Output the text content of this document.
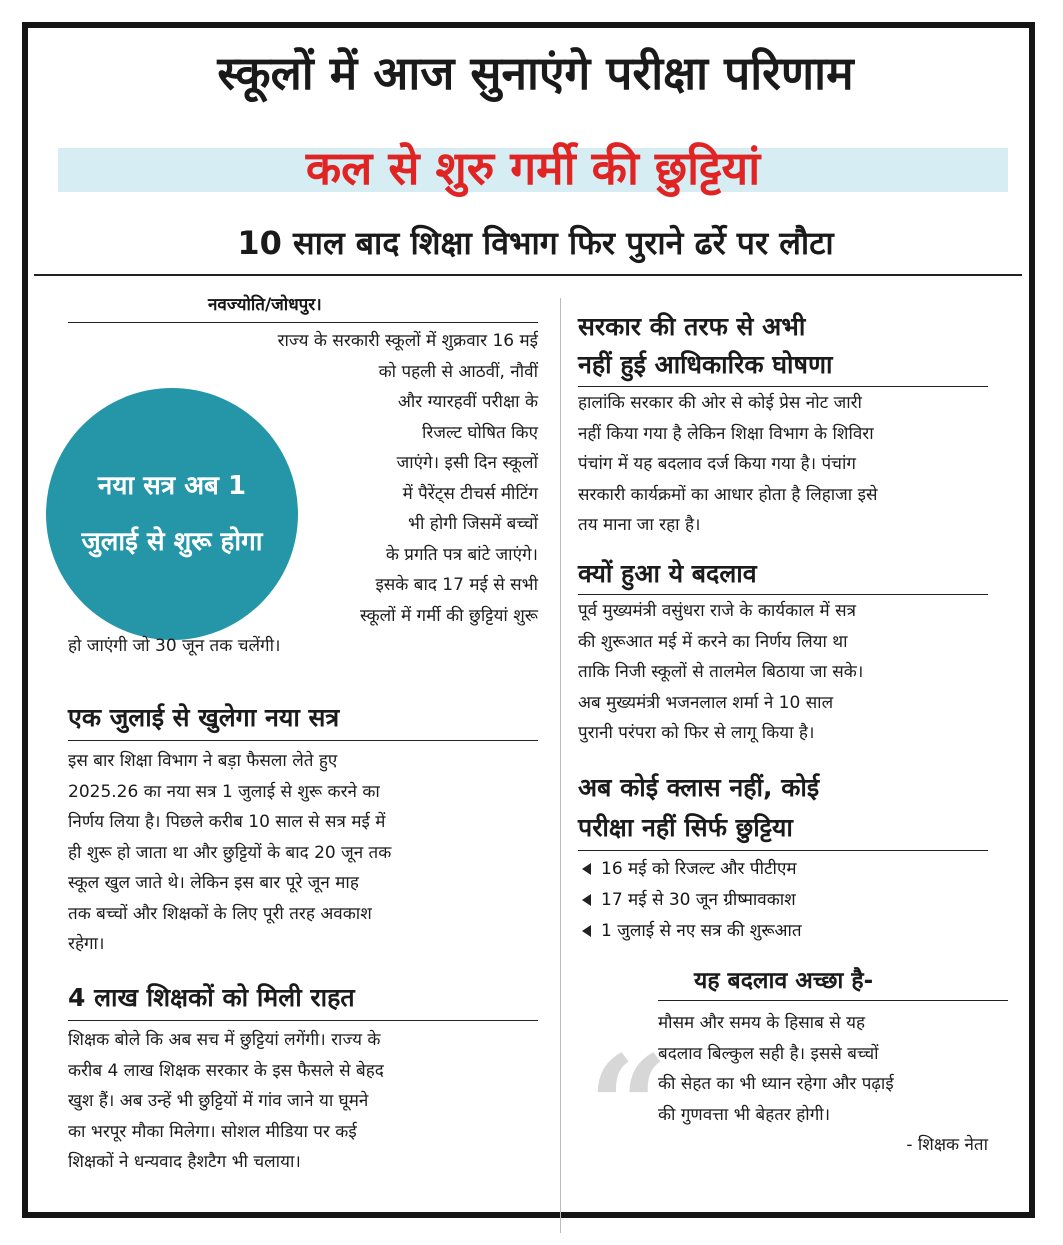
स्कूलों में आज सुनाएंगे परीक्षा परिणाम
कल से शुरु गर्मी की छुट्टियां
10 साल बाद शिक्षा विभाग फिर पुराने ढर्रे पर लौटा
नवज्योति/जोधपुर।
नया सत्र अब 1 जुलाई से शुरू होगा
राज्य के सरकारी स्कूलों में शुक्रवार 16 मई
को पहली से आठवीं, नौवीं
और ग्यारहवीं परीक्षा के
रिजल्ट घोषित किए
जाएंगे। इसी दिन स्कूलों
में पैरेंट्स टीचर्स मीटिंग
भी होगी जिसमें बच्चों
के प्रगति पत्र बांटे जाएंगे।
इसके बाद 17 मई से सभी
स्कूलों में गर्मी की छुट्टियां शुरू
हो जाएंगी जो 30 जून तक चलेंगी।
एक जुलाई से खुलेगा नया सत्र
इस बार शिक्षा विभाग ने बड़ा फैसला लेते हुए
2025.26 का नया सत्र 1 जुलाई से शुरू करने का
निर्णय लिया है। पिछले करीब 10 साल से सत्र मई में
ही शुरू हो जाता था और छुट्टियों के बाद 20 जून तक
स्कूल खुल जाते थे। लेकिन इस बार पूरे जून माह
तक बच्चों और शिक्षकों के लिए पूरी तरह अवकाश
रहेगा।
4 लाख शिक्षकों को मिली राहत
शिक्षक बोले कि अब सच में छुट्टियां लगेंगी। राज्य के
करीब 4 लाख शिक्षक सरकार के इस फैसले से बेहद
खुश हैं। अब उन्हें भी छुट्टियों में गांव जाने या घूमने
का भरपूर मौका मिलेगा। सोशल मीडिया पर कई
शिक्षकों ने धन्यवाद हैशटैग भी चलाया।
सरकार की तरफ से अभी
नहीं हुई आधिकारिक घोषणा
हालांकि सरकार की ओर से कोई प्रेस नोट जारी
नहीं किया गया है लेकिन शिक्षा विभाग के शिविरा
पंचांग में यह बदलाव दर्ज किया गया है। पंचांग
सरकारी कार्यक्रमों का आधार होता है लिहाजा इसे
तय माना जा रहा है।
क्यों हुआ ये बदलाव
पूर्व मुख्यमंत्री वसुंधरा राजे के कार्यकाल में सत्र
की शुरूआत मई में करने का निर्णय लिया था
ताकि निजी स्कूलों से तालमेल बिठाया जा सके।
अब मुख्यमंत्री भजनलाल शर्मा ने 10 साल
पुरानी परंपरा को फिर से लागू किया है।
अब कोई क्लास नहीं, कोई
परीक्षा नहीं सिर्फ छुट्टिया
16 मई को रिजल्ट और पीटीएम
17 मई से 30 जून ग्रीष्मावकाश
1 जुलाई से नए सत्र की शुरूआत
यह बदलाव अच्छा है-
“
मौसम और समय के हिसाब से यह
बदलाव बिल्कुल सही है। इससे बच्चों
की सेहत का भी ध्यान रहेगा और पढ़ाई
की गुणवत्ता भी बेहतर होगी।
- शिक्षक नेता
